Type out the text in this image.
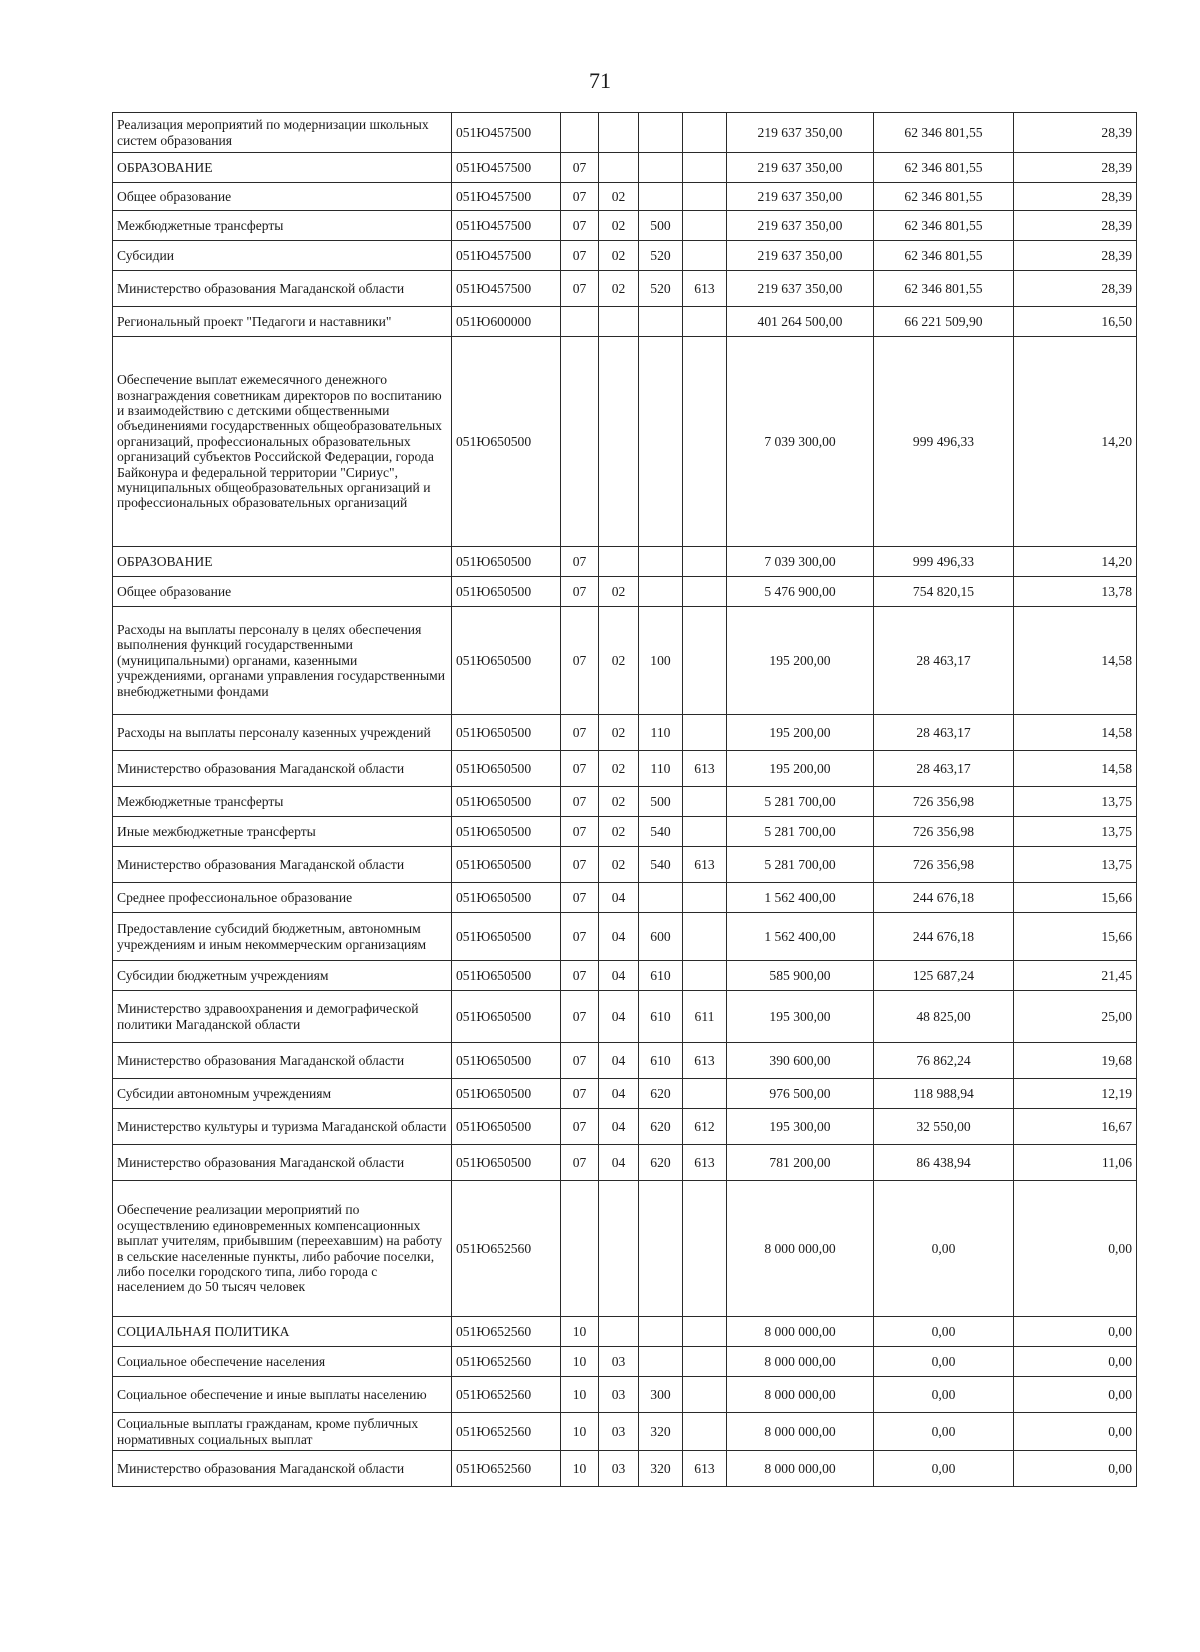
71
Реализация мероприятий по модернизации школьных систем образования	051Ю457500					219 637 350,00	62 346 801,55	28,39
ОБРАЗОВАНИЕ	051Ю457500	07				219 637 350,00	62 346 801,55	28,39
Общее образование	051Ю457500	07	02			219 637 350,00	62 346 801,55	28,39
Межбюджетные трансферты	051Ю457500	07	02	500		219 637 350,00	62 346 801,55	28,39
Субсидии	051Ю457500	07	02	520		219 637 350,00	62 346 801,55	28,39
Министерство образования Магаданской области	051Ю457500	07	02	520	613	219 637 350,00	62 346 801,55	28,39
Региональный проект "Педагоги и наставники"	051Ю600000					401 264 500,00	66 221 509,90	16,50
Обеспечение выплат ежемесячного денежного вознаграждения советникам директоров по воспитанию и взаимодействию с детскими общественными объединениями государственных общеобразовательных организаций, профессиональных образовательных организаций субъектов Российской Федерации, города Байконура и федеральной территории "Сириус", муниципальных общеобразовательных организаций и профессиональных образовательных организаций	051Ю650500					7 039 300,00	999 496,33	14,20
ОБРАЗОВАНИЕ	051Ю650500	07				7 039 300,00	999 496,33	14,20
Общее образование	051Ю650500	07	02			5 476 900,00	754 820,15	13,78
Расходы на выплаты персоналу в целях обеспечения выполнения функций государственными (муниципальными) органами, казенными учреждениями, органами управления государственными внебюджетными фондами	051Ю650500	07	02	100		195 200,00	28 463,17	14,58
Расходы на выплаты персоналу казенных учреждений	051Ю650500	07	02	110		195 200,00	28 463,17	14,58
Министерство образования Магаданской области	051Ю650500	07	02	110	613	195 200,00	28 463,17	14,58
Межбюджетные трансферты	051Ю650500	07	02	500		5 281 700,00	726 356,98	13,75
Иные межбюджетные трансферты	051Ю650500	07	02	540		5 281 700,00	726 356,98	13,75
Министерство образования Магаданской области	051Ю650500	07	02	540	613	5 281 700,00	726 356,98	13,75
Среднее профессиональное образование	051Ю650500	07	04			1 562 400,00	244 676,18	15,66
Предоставление субсидий бюджетным, автономным учреждениям и иным некоммерческим организациям	051Ю650500	07	04	600		1 562 400,00	244 676,18	15,66
Субсидии бюджетным учреждениям	051Ю650500	07	04	610		585 900,00	125 687,24	21,45
Министерство здравоохранения и демографической политики Магаданской области	051Ю650500	07	04	610	611	195 300,00	48 825,00	25,00
Министерство образования Магаданской области	051Ю650500	07	04	610	613	390 600,00	76 862,24	19,68
Субсидии автономным учреждениям	051Ю650500	07	04	620		976 500,00	118 988,94	12,19
Министерство культуры и туризма Магаданской области	051Ю650500	07	04	620	612	195 300,00	32 550,00	16,67
Министерство образования Магаданской области	051Ю650500	07	04	620	613	781 200,00	86 438,94	11,06
Обеспечение реализации мероприятий по осуществлению единовременных компенсационных выплат учителям, прибывшим (переехавшим) на работу в сельские населенные пункты, либо рабочие поселки, либо поселки городского типа, либо города с населением до 50 тысяч человек	051Ю652560					8 000 000,00	0,00	0,00
СОЦИАЛЬНАЯ ПОЛИТИКА	051Ю652560	10				8 000 000,00	0,00	0,00
Социальное обеспечение населения	051Ю652560	10	03			8 000 000,00	0,00	0,00
Социальное обеспечение и иные выплаты населению	051Ю652560	10	03	300		8 000 000,00	0,00	0,00
Социальные выплаты гражданам, кроме публичных нормативных социальных выплат	051Ю652560	10	03	320		8 000 000,00	0,00	0,00
Министерство образования Магаданской области	051Ю652560	10	03	320	613	8 000 000,00	0,00	0,00
